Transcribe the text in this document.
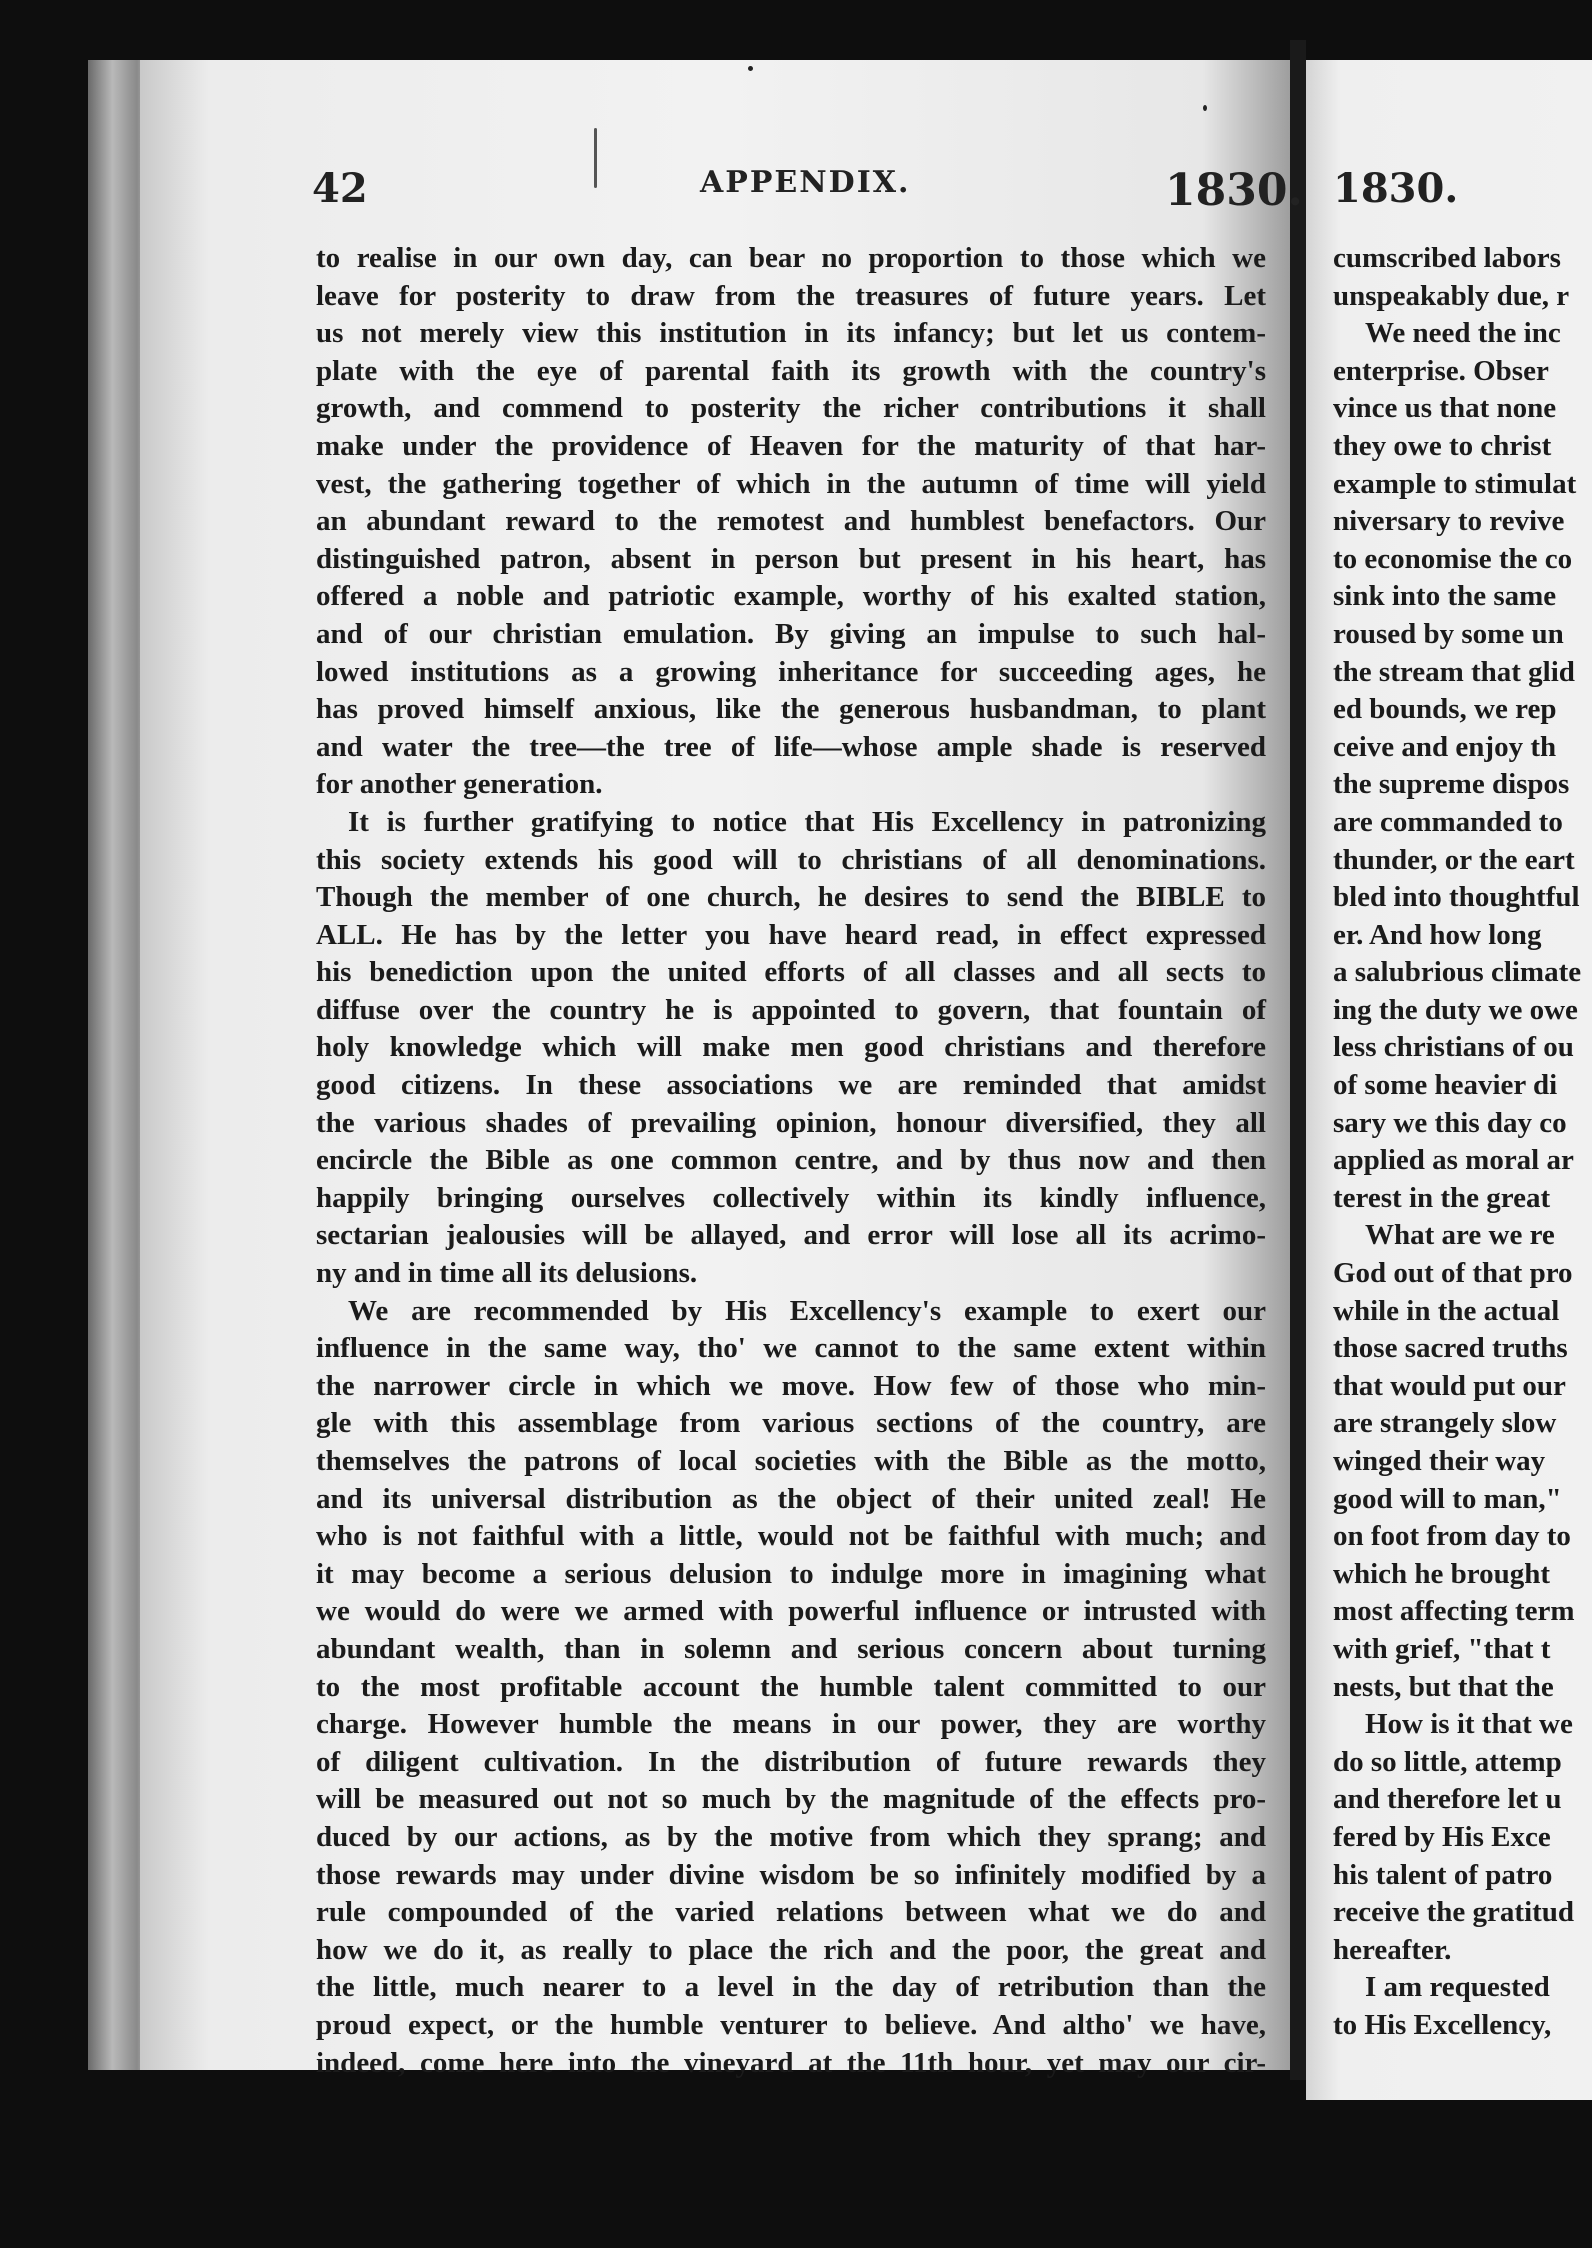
42	APPENDIX.	1830.
to realise in our own day, can bear no proportion to those which we
leave for posterity to draw from the treasures of future years. Let
us not merely view this institution in its infancy; but let us contem-
plate with the eye of parental faith its growth with the country's
growth, and commend to posterity the richer contributions it shall
make under the providence of Heaven for the maturity of that har-
vest, the gathering together of which in the autumn of time will yield
an abundant reward to the remotest and humblest benefactors. Our
distinguished patron, absent in person but present in his heart, has
offered a noble and patriotic example, worthy of his exalted station,
and of our christian emulation. By giving an impulse to such hal-
lowed institutions as a growing inheritance for succeeding ages, he
has proved himself anxious, like the generous husbandman, to plant
and water the tree—the tree of life—whose ample shade is reserved
for another generation.
It is further gratifying to notice that His Excellency in patronizing
this society extends his good will to christians of all denominations.
Though the member of one church, he desires to send the BIBLE to
ALL. He has by the letter you have heard read, in effect expressed
his benediction upon the united efforts of all classes and all sects to
diffuse over the country he is appointed to govern, that fountain of
holy knowledge which will make men good christians and therefore
good citizens. In these associations we are reminded that amidst
the various shades of prevailing opinion, honour diversified, they all
encircle the Bible as one common centre, and by thus now and then
happily bringing ourselves collectively within its kindly influence,
sectarian jealousies will be allayed, and error will lose all its acrimo-
ny and in time all its delusions.
We are recommended by His Excellency's example to exert our
influence in the same way, tho' we cannot to the same extent within
the narrower circle in which we move. How few of those who min-
gle with this assemblage from various sections of the country, are
themselves the patrons of local societies with the Bible as the motto,
and its universal distribution as the object of their united zeal! He
who is not faithful with a little, would not be faithful with much; and
it may become a serious delusion to indulge more in imagining what
we would do were we armed with powerful influence or intrusted with
abundant wealth, than in solemn and serious concern about turning
to the most profitable account the humble talent committed to our
charge. However humble the means in our power, they are worthy
of diligent cultivation. In the distribution of future rewards they
will be measured out not so much by the magnitude of the effects pro-
duced by our actions, as by the motive from which they sprang; and
those rewards may under divine wisdom be so infinitely modified by a
rule compounded of the varied relations between what we do and
how we do it, as really to place the rich and the poor, the great and
the little, much nearer to a level in the day of retribution than the
proud expect, or the humble venturer to believe. And altho' we have,
indeed, come here into the vineyard at the 11th hour, yet may our cir-
1830.
cumscribed labors
unspeakably due, r
We need the inc
enterprise. Obser
vince us that none
they owe to christ
example to stimulat
niversary to revive
to economise the co
sink into the same
roused by some un
the stream that glid
ed bounds, we rep
ceive and enjoy th
the supreme dispos
are commanded to
thunder, or the eart
bled into thoughtful
er. And how long
a salubrious climate
ing the duty we owe
less christians of ou
of some heavier di
sary we this day co
applied as moral ar
terest in the great
What are we re
God out of that pro
while in the actual
those sacred truths
that would put our
are strangely slow
winged their way
good will to man,"
on foot from day to
which he brought
most affecting term
with grief, "that t
nests, but that the
How is it that we
do so little, attemp
and therefore let u
fered by His Exce
his talent of patro
receive the gratitud
hereafter.
I am requested
to His Excellency,
